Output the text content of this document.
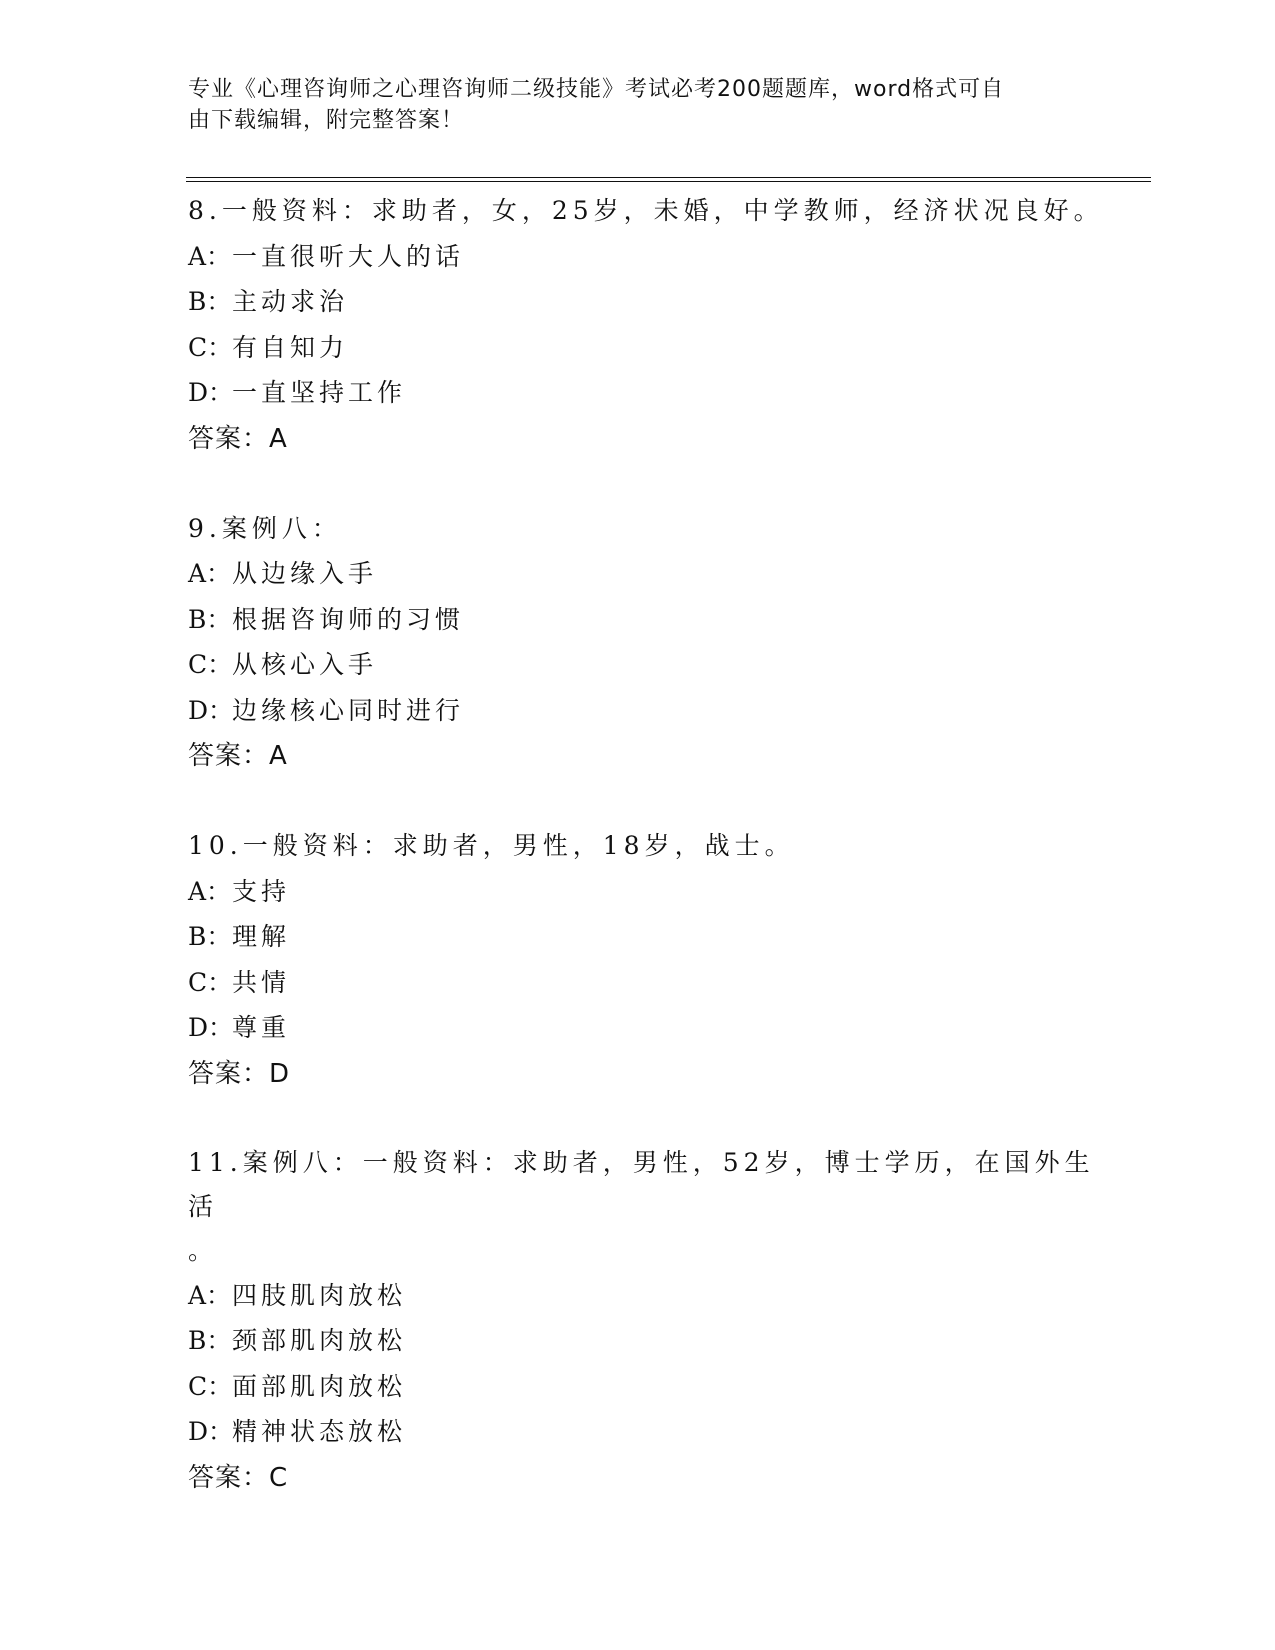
专业《心理咨询师之心理咨询师二级技能》考试必考200题题库，word格式可自
由下载编辑，附完整答案！
8.一般资料：求助者，女，25岁，未婚，中学教师，经济状况良好。
A： 一直很听大人的话
B： 主动求治
C： 有自知力
D：
一直坚持工作
答案：A
9.案例八：
A： 从边缘入手
B： 根据咨询师的习惯
C： 从核心入手
D：
边缘核心同时进行
答案：A
10.一般资料：求助者，男性，18岁，战士。
A： 支持
B： 理解
C： 共情
D：
尊重
答案：D
11.案例八：一般资料：求助者，男性，52岁，博士学历，在国外生活
。
A： 四肢肌肉放松
B： 颈部肌肉放松
C： 面部肌肉放松
D：
精神状态放松
答案：C
